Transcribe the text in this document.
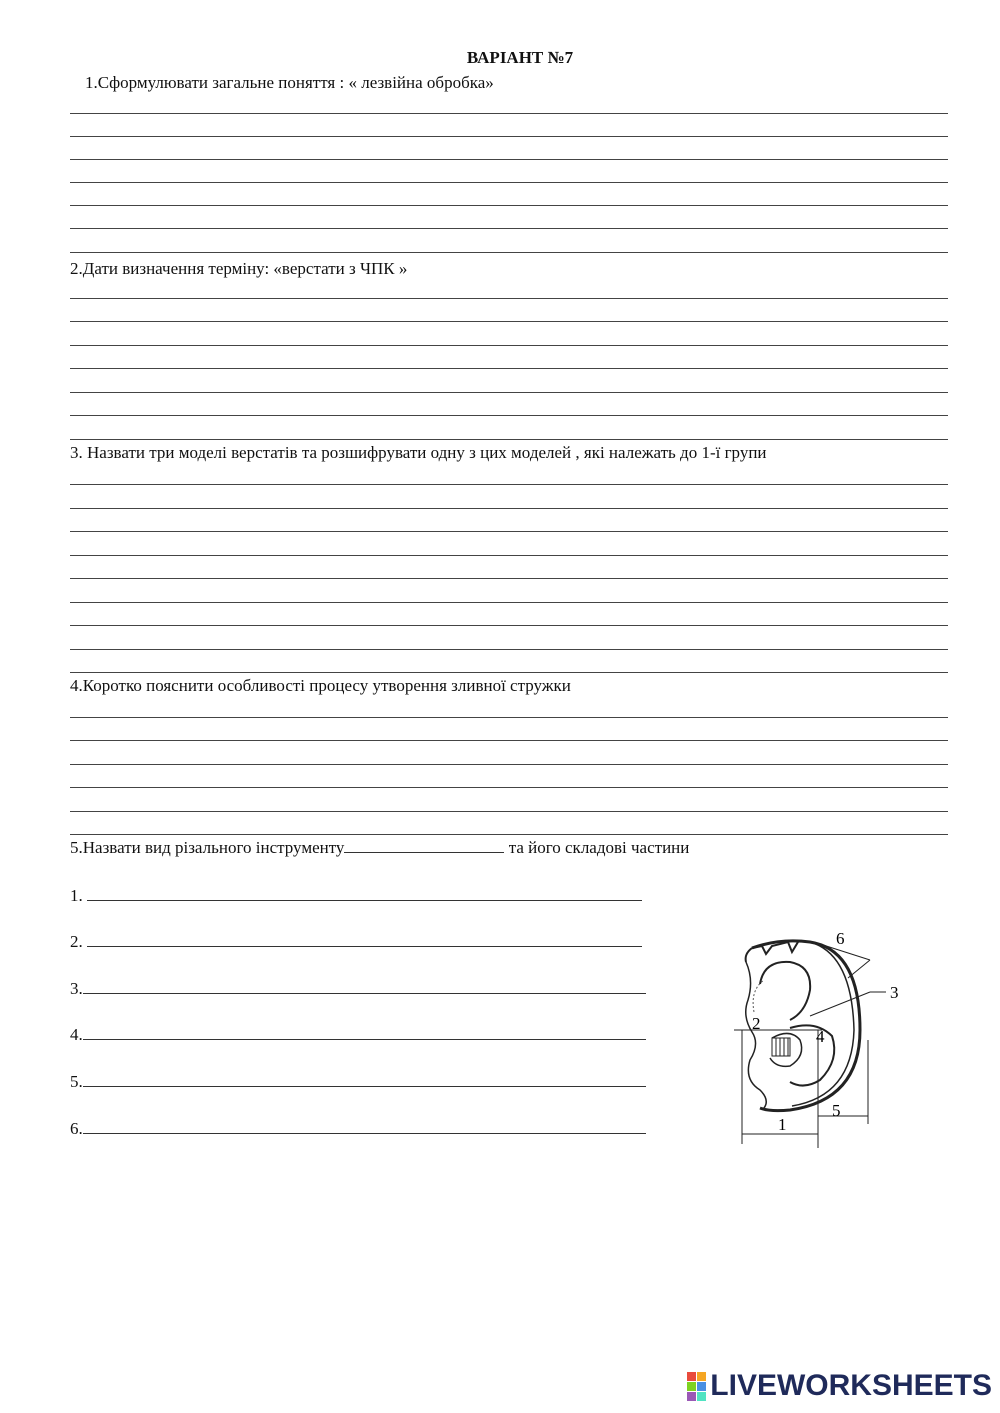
ВАРІАНТ №7
1.Сформулювати загальне поняття : « лезвійна обробка»
2.Дати визначення терміну: «верстати з ЧПК »
3. Назвати три моделі верстатів та розшифрувати одну з цих моделей , які належать до 1-ї групи
4.Коротко пояснити особливості процесу утворення зливної стружки
5.Назвати вид різального інструменту	та його складові частини
1.
2.
3.
4.
5.
6.
6
3
2
4
5
1
LIVEWORKSHEETS
